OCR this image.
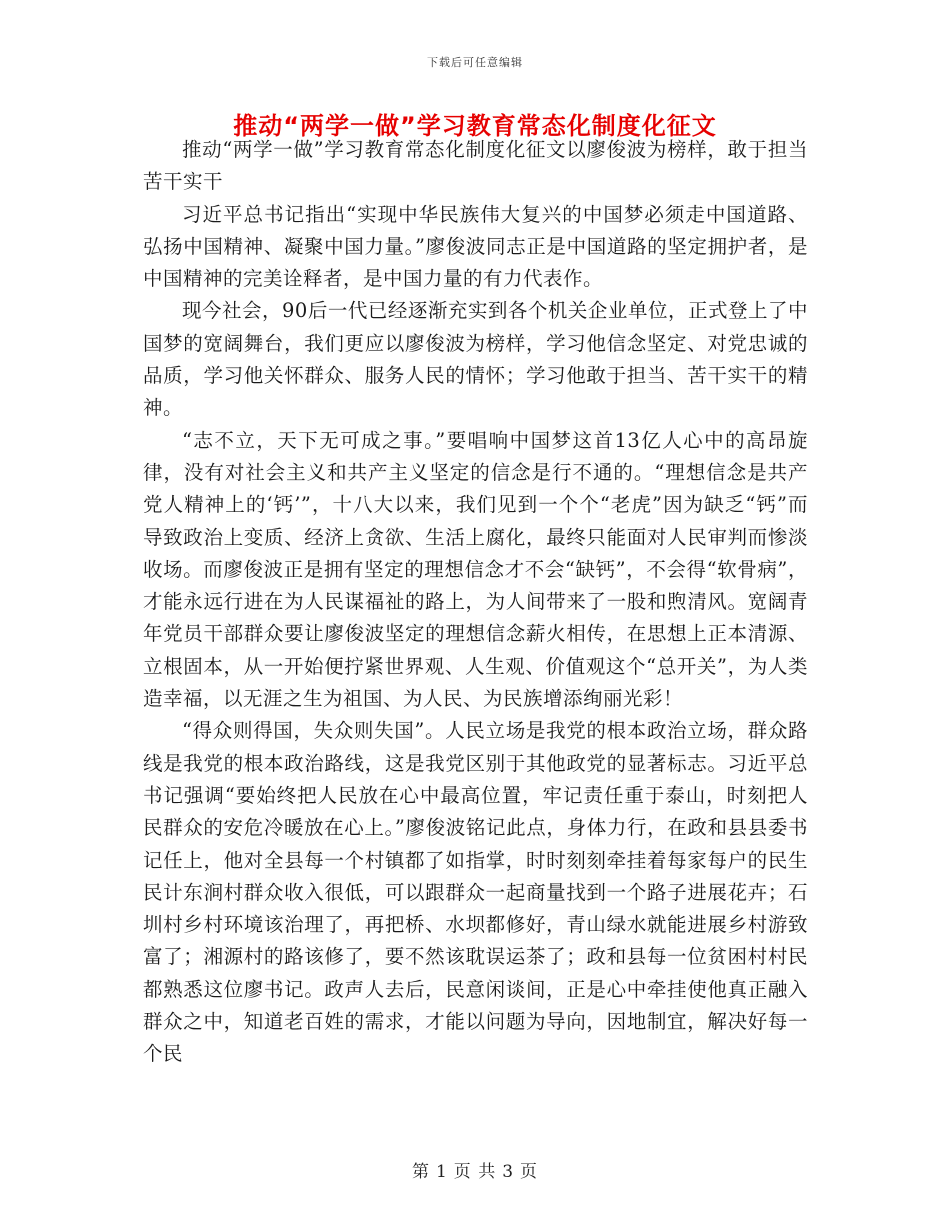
下载后可任意编辑
推动“两学一做”学习教育常态化制度化征文

推动“两学一做”学习教育常态化制度化征文以廖俊波为榜样，敢于担当苦干实干

习近平总书记指出“实现中华民族伟大复兴的中国梦必须走中国道路、弘扬中国精神、凝聚中国力量。”廖俊波同志正是中国道路的坚定拥护者，是中国精神的完美诠释者，是中国力量的有力代表作。

现今社会，90后一代已经逐渐充实到各个机关企业单位，正式登上了中国梦的宽阔舞台，我们更应以廖俊波为榜样，学习他信念坚定、对党忠诚的品质，学习他关怀群众、服务人民的情怀；学习他敢于担当、苦干实干的精神。

“志不立，天下无可成之事。”要唱响中国梦这首13亿人心中的高昂旋律，没有对社会主义和共产主义坚定的信念是行不通的。“理想信念是共产党人精神上的‘钙’”，十八大以来，我们见到一个个“老虎”因为缺乏“钙”而导致政治上变质、经济上贪欲、生活上腐化，最终只能面对人民审判而惨淡收场。而廖俊波正是拥有坚定的理想信念才不会“缺钙”，不会得“软骨病”，才能永远行进在为人民谋福祉的路上，为人间带来了一股和煦清风。宽阔青年党员干部群众要让廖俊波坚定的理想信念薪火相传，在思想上正本清源、立根固本，从一开始便拧紧世界观、人生观、价值观这个“总开关”，为人类造幸福，以无涯之生为祖国、为人民、为民族增添绚丽光彩！

“得众则得国，失众则失国”。人民立场是我党的根本政治立场，群众路线是我党的根本政治路线，这是我党区别于其他政党的显著标志。习近平总书记强调“要始终把人民放在心中最高位置，牢记责任重于泰山，时刻把人民群众的安危冷暖放在心上。”廖俊波铭记此点，身体力行，在政和县县委书记任上，他对全县每一个村镇都了如指掌，时时刻刻牵挂着每家每户的民生民计东涧村群众收入很低，可以跟群众一起商量找到一个路子进展花卉；石圳村乡村环境该治理了，再把桥、水坝都修好，青山绿水就能进展乡村游致富了；湘源村的路该修了，要不然该耽误运茶了；政和县每一位贫困村村民都熟悉这位廖书记。政声人去后，民意闲谈间，正是心中牵挂使他真正融入群众之中，知道老百姓的需求，才能以问题为导向，因地制宜，解决好每一个民

第 1 页 共 3 页
